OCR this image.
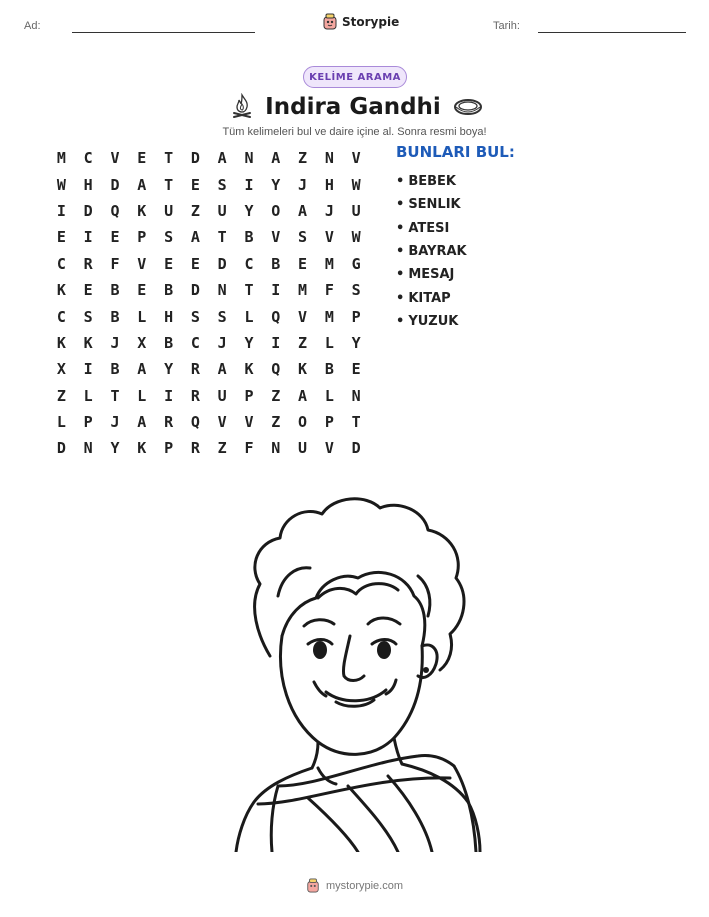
Ad:	Storypie	Tarih:
KELİME ARAMA
Indira Gandhi
Tüm kelimeleri bul ve daire içine al. Sonra resmi boya!
M	C	V	E	T	D	A	N	A	Z	N	V
W	H	D	A	T	E	S	I	Y	J	H	W
I	D	Q	K	U	Z	U	Y	O	A	J	U
E	I	E	P	S	A	T	B	V	S	V	W
C	R	F	V	E	E	D	C	B	E	M	G
K	E	B	E	B	D	N	T	I	M	F	S
C	S	B	L	H	S	S	L	Q	V	M	P
K	K	J	X	B	C	J	Y	I	Z	L	Y
X	I	B	A	Y	R	A	K	Q	K	B	E
Z	L	T	L	I	R	U	P	Z	A	L	N
L	P	J	A	R	Q	V	V	Z	O	P	T
D	N	Y	K	P	R	Z	F	N	U	V	D
BUNLARI BUL:
• BEBEK
• SENLIK
• ATESI
• BAYRAK
• MESAJ
• KITAP
• YUZUK
mystorypie.com
